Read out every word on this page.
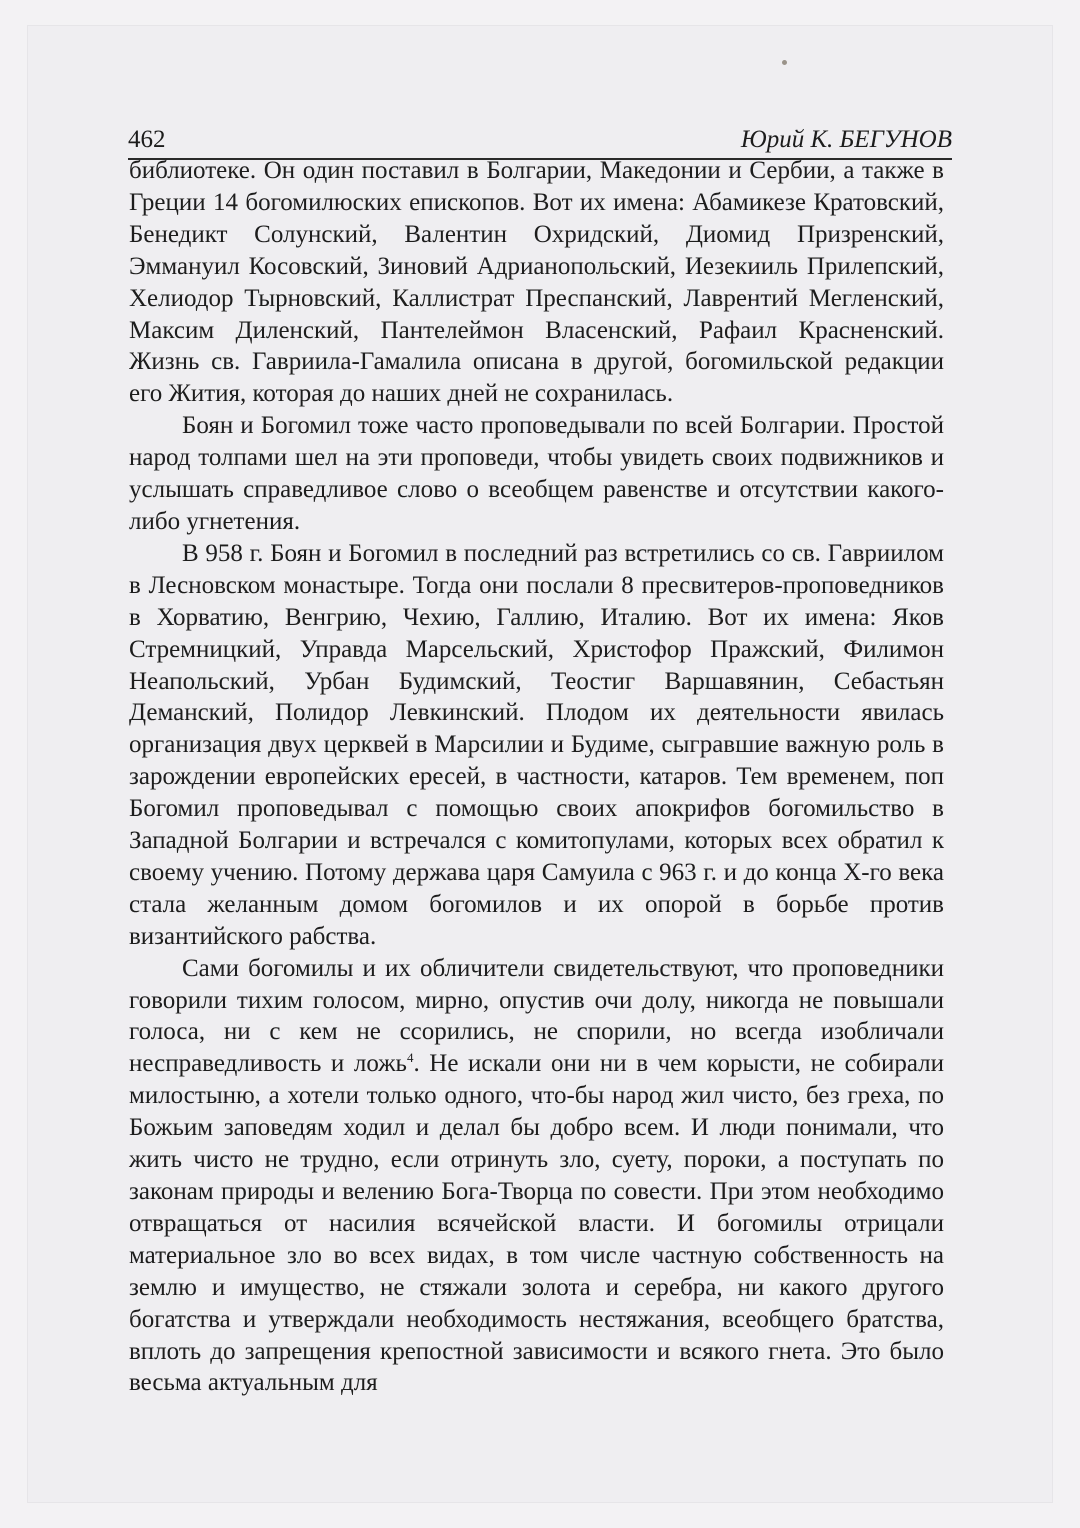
462	Юрий К. БЕГУНОВ

библиотеке. Он один поставил в Болгарии, Македонии и Сербии, а также в Греции 14 богомилюских епископов. Вот их имена: Абамикезе Кратовский, Бенедикт Солунский, Валентин Охридский, Диомид Призренский, Эммануил Косовский, Зиновий Адрианопольский, Иезекииль Прилепский, Хелиодор Тырновский, Каллистрат Преспанский, Лаврентий Мегленский, Максим Диленский, Пантелеймон Власенский, Рафаил Красненский. Жизнь св. Гавриила-Гамалила описана в другой, богомильской редакции его Жития, которая до наших дней не сохранилась.

Боян и Богомил тоже часто проповедывали по всей Болгарии. Простой народ толпами шел на эти проповеди, чтобы увидеть своих подвижников и услышать справедливое слово о всеобщем равенстве и отсутствии какого-либо угнетения.

В 958 г. Боян и Богомил в последний раз встретились со св. Гавриилом в Лесновском монастыре. Тогда они послали 8 пресвитеров-проповедников в Хорватию, Венгрию, Чехию, Галлию, Италию. Вот их имена: Яков Стремницкий, Управда Марсельский, Христофор Пражский, Филимон Неапольский, Урбан Будимский, Теостиг Варшавянин, Себастьян Деманский, Полидор Левкинский. Плодом их деятельности явилась организация двух церквей в Марсилии и Будиме, сыгравшие важную роль в зарождении европейских ересей, в частности, катаров. Тем временем, поп Богомил проповедывал с помощью своих апокрифов богомильство в Западной Болгарии и встречался с комитопулами, которых всех обратил к своему учению. Потому держава царя Самуила с 963 г. и до конца X-го века стала желанным домом богомилов и их опорой в борьбе против византийского рабства.

Сами богомилы и их обличители свидетельствуют, что проповедники говорили тихим голосом, мирно, опустив очи долу, никогда не повышали голоса, ни с кем не ссорились, не спорили, но всегда изобличали несправедливость и ложь$^4$. Не искали они ни в чем корысти, не собирали милостыню, а хотели только одного, что-бы народ жил чисто, без греха, по Божьим заповедям ходил и делал бы добро всем. И люди понимали, что жить чисто не трудно, если отринуть зло, суету, пороки, а поступать по законам природы и велению Бога-Творца по совести. При этом необходимо отвращаться от насилия всячейской власти. И богомилы отрицали материальное зло во всех видах, в том числе частную собственность на землю и имущество, не стяжали золота и серебра, ни какого другого богатства и утверждали необходимость нестяжания, всеобщего братства, вплоть до запрещения крепостной зависимости и всякого гнета. Это было весьма актуальным для
